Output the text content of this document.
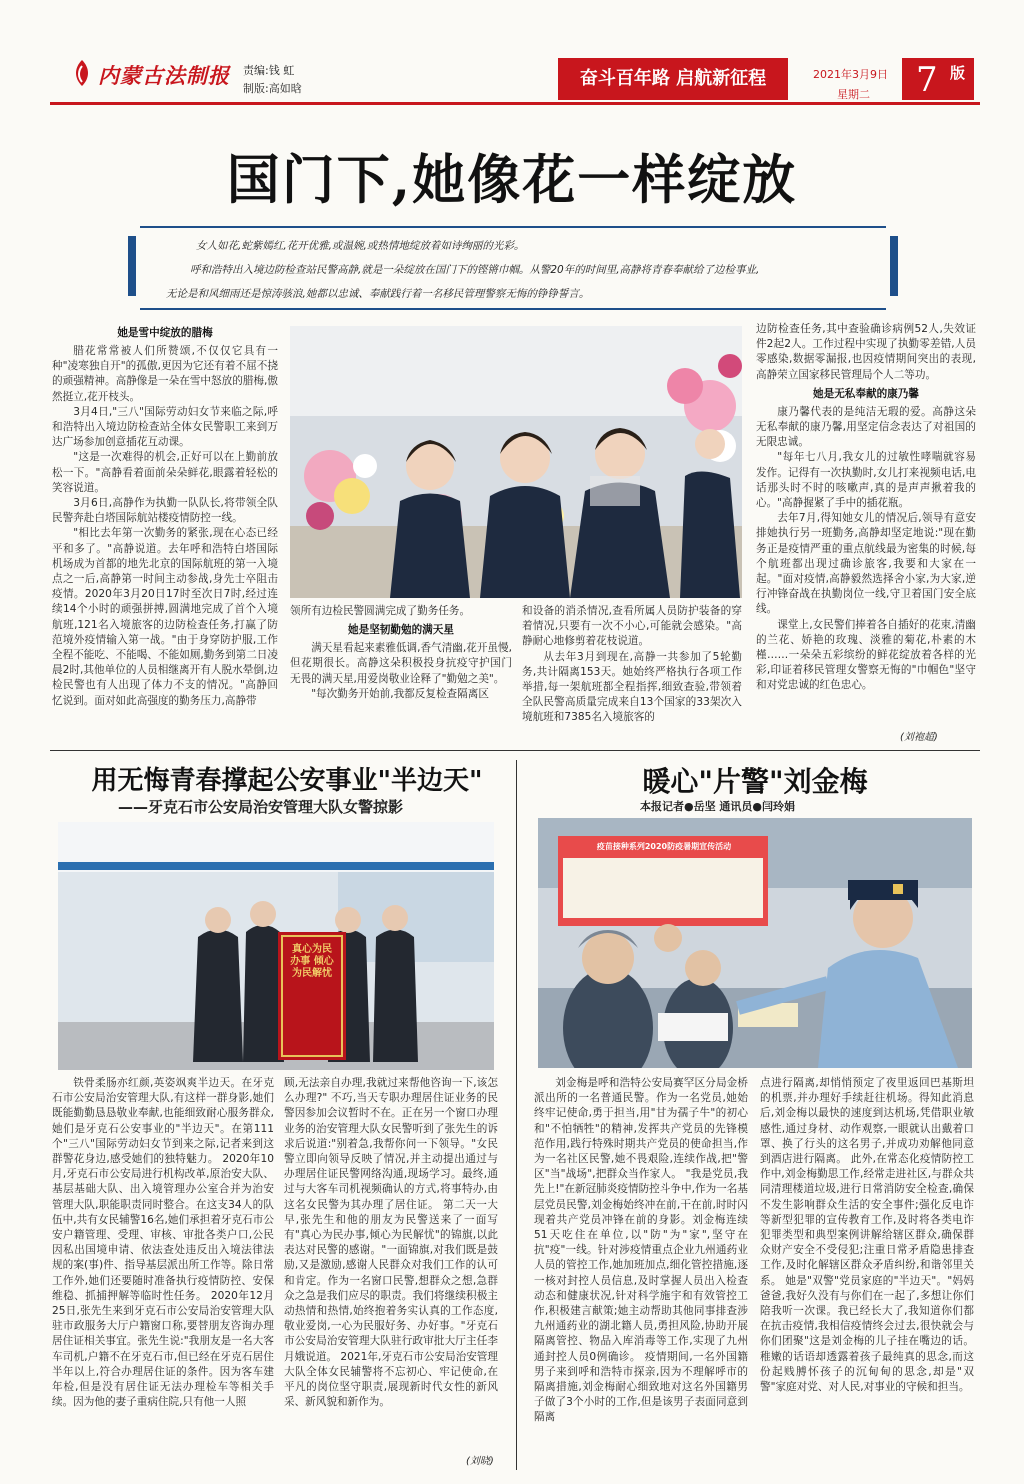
内蒙古法制报 责编:钱 虹
制版:高如晗	奋斗百年路 启航新征程	2021年3月9日
星期二 7 版
国门下,她像花一样绽放
女人如花,蛇紫嫣红,花开优雅,或温婉,或热情地绽放着如诗绚丽的光彩。
呼和浩特出入境边防检查站民警高静,就是一朵绽放在国门下的铿锵巾帼。从警20年的时间里,高静将青春奉献给了边检事业,
无论是和风细雨还是惊涛骇浪,她都以忠诚、奉献践行着一名移民管理警察无悔的铮铮誓言。
她是雪中绽放的腊梅

腊花常常被人们所赞颂,不仅仅它具有一种"凌寒独自开"的孤傲,更因为它还有着不屈不挠的顽强精神。高静像是一朵在雪中怒放的腊梅,傲然挺立,花开枝头。

3月4日,"三八"国际劳动妇女节来临之际,呼和浩特出入境边防检查站全体女民警职工来到万达广场参加创意插花互动课。

"这是一次难得的机会,正好可以在上勤前放松一下。"高静看着面前朵朵鲜花,眼露着轻松的笑容说道。

3月6日,高静作为执勤一队队长,将带领全队民警奔赴白塔国际航站楼疫情防控一线。

"相比去年第一次勤务的紧张,现在心态已经平和多了。"高静说道。去年呼和浩特白塔国际机场成为首都的地先北京的国际航班的第一入境点之一后,高静第一时间主动参战,身先士卒阻击疫情。2020年3月20日17时至次日7时,经过连续14个小时的顽强拼搏,圆满地完成了首个入境航班,121名入境旅客的边防检查任务,打赢了防范境外疫情输入第一战。"由于身穿防护服,工作全程不能吃、不能喝、不能如厕,勤务到第二日凌晨2时,其他单位的人员相继离开有人脱水晕倒,边检民警也有人出现了体力不支的情况。"高静回忆说到。面对如此高强度的勤务压力,高静带

领所有边检民警圆满完成了勤务任务。

她是坚韧勤勉的满天星

满天星看起来素雅低调,香气清幽,花开虽慢,但花期很长。高静这朵积极投身抗疫守护国门无畏的满天星,用爱岗敬业诠释了"勤勉之美"。

"每次勤务开始前,我都反复检查隔离区

和设备的消杀情况,查看所属人员防护装备的穿着情况,只要有一次不小心,可能就会感染。"高静耐心地修剪着花枝说道。

从去年3月到现在,高静一共参加了5轮勤务,共计隔离153天。她始终严格执行各项工作举措,每一架航班都全程指挥,细致查验,带领着全队民警高质量完成来自13个国家的33架次入境航班和7385名入境旅客的

边防检查任务,其中查验确诊病例52人,失效证件2起2人。工作过程中实现了执勤零差错,人员零感染,数据零漏报,也因疫情期间突出的表现,高静荣立国家移民管理局个人二等功。

她是无私奉献的康乃馨

康乃馨代表的是纯洁无瑕的爱。高静这朵无私奉献的康乃馨,用坚定信念表达了对祖国的无限忠诚。

"每年七八月,我女儿的过敏性哮喘就容易发作。记得有一次执勤时,女儿打来视频电话,电话那头时不时的咳嗽声,真的是声声揪着我的心。"高静握紧了手中的插花瓶。

去年7月,得知她女儿的情况后,领导有意安排她执行另一班勤务,高静却坚定地说:"现在勤务正是疫情严重的重点航线最为密集的时候,每个航班都出现过确诊旅客,我要和大家在一起。"面对疫情,高静毅然选择舍小家,为大家,逆行冲锋奋战在执勤岗位一线,守卫着国门安全底线。

课堂上,女民警们捧着各自插好的花束,清幽的兰花、娇艳的玫瑰、淡雅的菊花,朴素的木槿……一朵朵五彩缤纷的鲜花绽放着各样的光彩,印证着移民管理女警察无悔的"巾帼色"坚守和对党忠诚的红色忠心。

(刘袍超)
用无悔青春撑起公安事业"半边天"
——牙克石市公安局治安管理大队女警掠影
真心为民办事 倾心为民解忧

铁骨柔肠亦红颜,英姿飒爽半边天。在牙克石市公安局治安管理大队,有这样一群身影,她们既能勤勤恳恳敬业奉献,也能细致耐心服务群众,她们是牙克石公安事业的"半边天"。在第111个"三八"国际劳动妇女节到来之际,记者来到这群警花身边,感受她们的独特魅力。 2020年10月,牙克石市公安局进行机构改革,原治安大队、基层基础大队、出入境管理办公室合并为治安管理大队,职能职责同时整合。在这支34人的队伍中,共有女民辅警16名,她们承担着牙克石市公安户籍管理、受理、审核、审批各类户口,公民因私出国境申请、依法查处违反出入境法律法规的案(事)件、指导基层派出所工作等。除日常工作外,她们还要随时准备执行疫情防控、安保维稳、抓捕押解等临时性任务。 2020年12月25日,张先生来到牙克石市公安局治安管理大队驻市政服务大厅户籍窗口称,要替朋友咨询办理居住证相关事宜。张先生说:"我朋友是一名大客车司机,户籍不在牙克石市,但已经在牙克石居住半年以上,符合办理居住证的条件。因为客车建年检,但是没有居住证无法办理检车等相关手续。因为他的妻子重病住院,只有他一人照

顾,无法亲自办理,我就过来帮他咨询一下,该怎么办理?" 不巧,当天专职办理居住证业务的民警因参加会议暂时不在。正在另一个窗口办理业务的治安管理大队女民警听到了张先生的诉求后说道:"别着急,我帮你问一下领导。"女民警立即向领导反映了情况,并主动提出通过与办理居住证民警网络沟通,现场学习。最终,通过与大客车司机视频确认的方式,将事特办,由这名女民警为其办理了居住证。 第二天一大早,张先生和他的朋友为民警送来了一面写有"真心为民办事,倾心为民解忧"的锦旗,以此表达对民警的感谢。"一面锦旗,对我们既是鼓励,又是激励,感谢人民群众对我们工作的认可和肯定。作为一名窗口民警,想群众之想,急群众之急是我们应尽的职责。我们将继续积极主动热情和热情,始终抱着务实认真的工作态度,敬业爱岗,一心为民服好务、办好事。"牙克石市公安局治安管理大队驻行政审批大厅主任李月娥说道。 2021年,牙克石市公安局治安管理大队全体女民辅警将不忘初心、牢记使命,在平凡的岗位坚守职责,展现新时代女性的新风采、新风貌和新作为。

(刘晓)
暖心"片警"刘金梅
本报记者●岳坚 通讯员●闫玲娟
疫苗接种系列2020防疫暑期宣传活动

刘金梅是呼和浩特公安局赛罕区分局金桥派出所的一名普通民警。作为一名党员,她始终牢记使命,勇于担当,用"甘为孺子牛"的初心和"不怕牺牲"的精神,发挥共产党员的先锋模范作用,践行特殊时期共产党员的使命担当,作为一名社区民警,她不畏艰险,连续作战,把"警区"当"战场",把群众当作家人。 "我是党员,我先上!"在新冠肺炎疫情防控斗争中,作为一名基层党员民警,刘金梅始终冲在前,干在前,时时闪现着共产党员冲锋在前的身影。刘金梅连续51天吃住在单位,以"防"为"家",坚守在抗"疫"一线。针对涉疫情重点企业九州通药业人员的管控工作,她加班加点,细化管控措施,逐一核对封控人员信息,及时掌握人员出入检查动态和健康状况,针对科学施宇和有效管控工作,积极建言献策;她主动帮助其他同事排查涉九州通药业的湖北籍人员,勇担风险,协助开展隔离管控、物品入库消毒等工作,实现了九州通封控人员0例确诊。 疫情期间,一名外国籍男子来到呼和浩特市探亲,因为不理解呼市的隔离措施,刘金梅耐心细致地对这名外国籍男子做了3个小时的工作,但是该男子表面同意到隔离

点进行隔离,却悄悄预定了夜里返回巴基斯坦的机票,并办理好手续赶往机场。得知此消息后,刘金梅以最快的速度到达机场,凭借职业敏感性,通过身材、动作观察,一眼就认出戴着口罩、换了行头的这名男子,并成功劝解他同意到酒店进行隔离。 此外,在常态化疫情防控工作中,刘金梅勤思工作,经常走进社区,与群众共同清理楼道垃圾,进行日常消防安全检查,确保不发生影响群众生活的安全事件;强化反电诈等新型犯罪的宣传教育工作,及时将各类电诈犯罪类型和典型案例讲解给辖区群众,确保群众财产安全不受侵犯;注重日常矛盾隐患排查工作,及时化解辖区群众矛盾纠纷,和谐邻里关系。 她是"双警"党员家庭的"半边天"。"妈妈爸爸,我好久没有与你们在一起了,多想让你们陪我听一次课。我已经长大了,我知道你们都在抗击疫情,我相信疫情终会过去,很快就会与你们团聚"这是刘金梅的儿子挂在嘴边的话。稚嫩的话语却透露着孩子最纯真的思念,而这份起贱膊怀孩子的沉甸甸的思念,却是"双警"家庭对党、对人民,对事业的守候和担当。
